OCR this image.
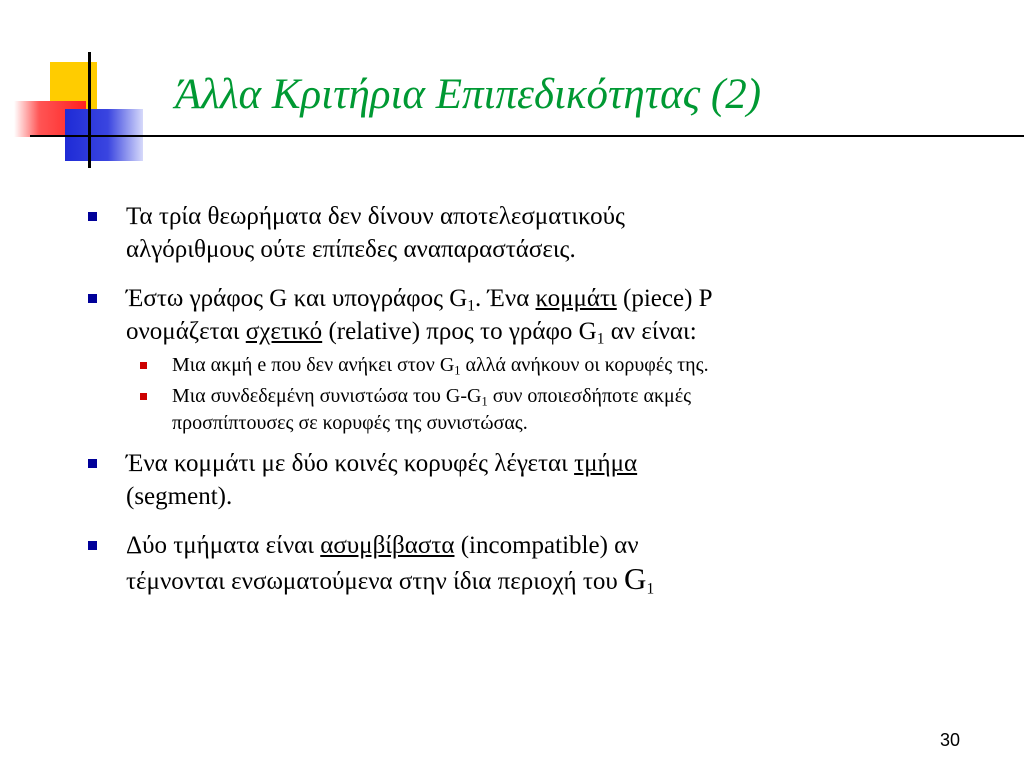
Άλλα Κριτήρια Επιπεδικότητας (2)
Τα τρία θεωρήματα δεν δίνουν αποτελεσματικούς
αλγόριθμους ούτε επίπεδες αναπαραστάσεις.
Έστω γράφος G και υπογράφος $G_1$. Ένα κομμάτι (piece) P
ονομάζεται σχετικό (relative) προς το γράφο $G_1$ αν είναι:
Μια ακμή e που δεν ανήκει στον $G_1$ αλλά ανήκουν οι κορυφές της.
Μια συνδεδεμένη συνιστώσα του $G-G_1$ συν οποιεσδήποτε ακμές
προσπίπτουσες σε κορυφές της συνιστώσας.
Ένα κομμάτι με δύο κοινές κορυφές λέγεται τμήμα
(segment).
Δύο τμήματα είναι ασυμβίβαστα (incompatible) αν
τέμνονται ενσωματούμενα στην ίδια περιοχή του $G_1$
30
